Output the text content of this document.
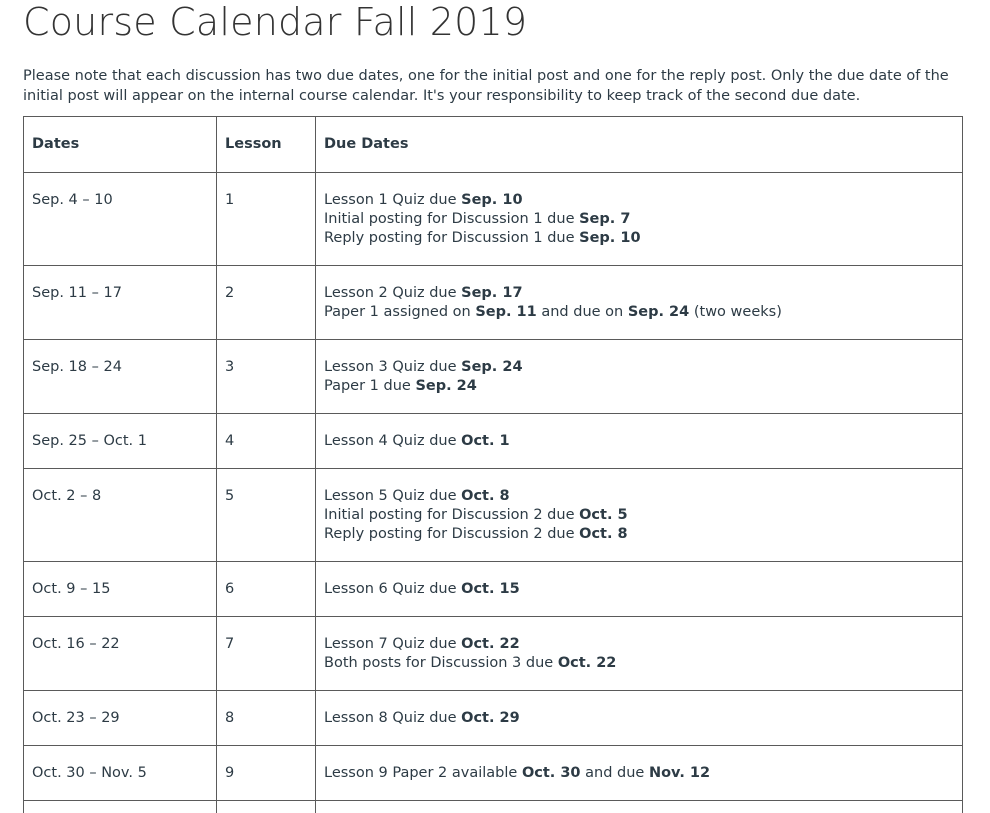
Course Calendar Fall 2019

Please note that each discussion has two due dates, one for the initial post and one for the reply post. Only the due date of the initial post will appear on the internal course calendar. It's your responsibility to keep track of the second due date.

Dates	Lesson	Due Dates
Sep. 4 – 10	1	Lesson 1 Quiz due Sep. 10
Initial posting for Discussion 1 due Sep. 7
Reply posting for Discussion 1 due Sep. 10

Sep. 11 – 17	2	Lesson 2 Quiz due Sep. 17
Paper 1 assigned on Sep. 11 and due on Sep. 24 (two weeks)

Sep. 18 – 24	3	Lesson 3 Quiz due Sep. 24
Paper 1 due Sep. 24

Sep. 25 – Oct. 1	4	Lesson 4 Quiz due Oct. 1

Oct. 2 – 8	5	Lesson 5 Quiz due Oct. 8
Initial posting for Discussion 2 due Oct. 5
Reply posting for Discussion 2 due Oct. 8

Oct. 9 – 15	6	Lesson 6 Quiz due Oct. 15

Oct. 16 – 22	7	Lesson 7 Quiz due Oct. 22
Both posts for Discussion 3 due Oct. 22

Oct. 23 – 29	8	Lesson 8 Quiz due Oct. 29

Oct. 30 – Nov. 5	9	Lesson 9 Paper 2 available Oct. 30 and due Nov. 12
